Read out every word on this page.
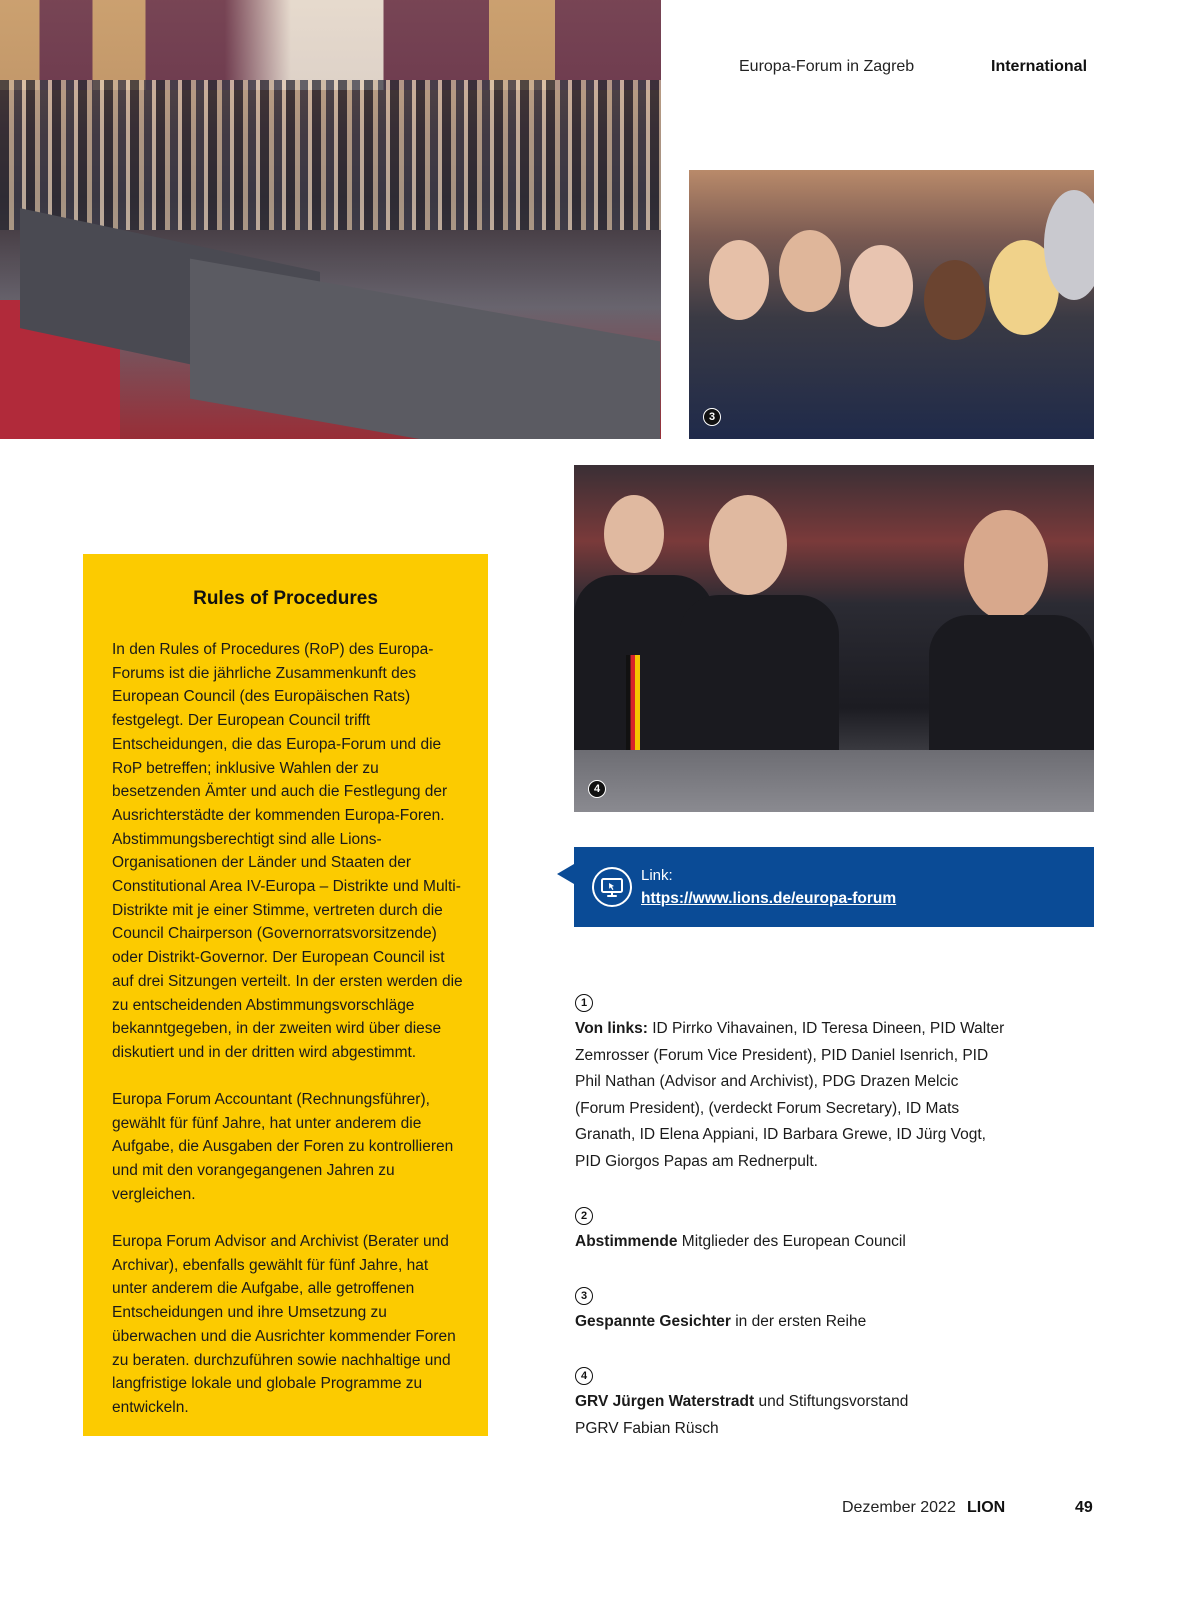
Europa-Forum in Zagreb	International
3
4
Rules of Procedures

In den Rules of Procedures (RoP) des Europa-Forums ist die jährliche Zusammenkunft des European Council (des Europäischen Rats) festgelegt. Der European Council trifft Entscheidungen, die das Europa-Forum und die RoP betreffen; inklusive Wahlen der zu besetzenden Ämter und auch die Festlegung der Ausrichterstädte der kommenden Europa-Foren. Abstimmungsberechtigt sind alle Lions-Organisationen der Länder und Staaten der Constitutional Area IV-Europa – Distrikte und Multi-Distrikte mit je einer Stimme, vertreten durch die Council Chairperson (Governorratsvorsitzende) oder Distrikt-Governor. Der European Council ist auf drei Sitzungen verteilt. In der ersten werden die zu entscheidenden Abstimmungsvorschläge bekanntgegeben, in der zweiten wird über diese diskutiert und in der dritten wird abgestimmt.

Europa Forum Accountant (Rechnungsführer), gewählt für fünf Jahre, hat unter anderem die Aufgabe, die Ausgaben der Foren zu kontrollieren und mit den vorangegangenen Jahren zu vergleichen.

Europa Forum Advisor and Archivist (Berater und Archivar), ebenfalls gewählt für fünf Jahre, hat unter anderem die Aufgabe, alle getroffenen Entscheidungen und ihre Umsetzung zu überwachen und die Ausrichter kommender Foren zu beraten. durchzuführen sowie nachhaltige und langfristige lokale und globale Programme zu entwickeln.

Link:
https://www.lions.de/europa-forum
1

Von links: ID Pirrko Vihavainen, ID Teresa Dineen, PID Walter Zemrosser (Forum Vice President), PID Daniel Isenrich, PID Phil Nathan (Advisor and Archivist), PDG Drazen Melcic (Forum President), (verdeckt Forum Secretary), ID Mats Granath, ID Elena Appiani, ID Barbara Grewe, ID Jürg Vogt, PID Giorgos Papas am Rednerpult.

2

Abstimmende Mitglieder des European Council

3

Gespannte Gesichter in der ersten Reihe

4

GRV Jürgen Waterstradt und Stiftungsvorstand PGRV Fabian Rüsch

Dezember 2022 LION	49
